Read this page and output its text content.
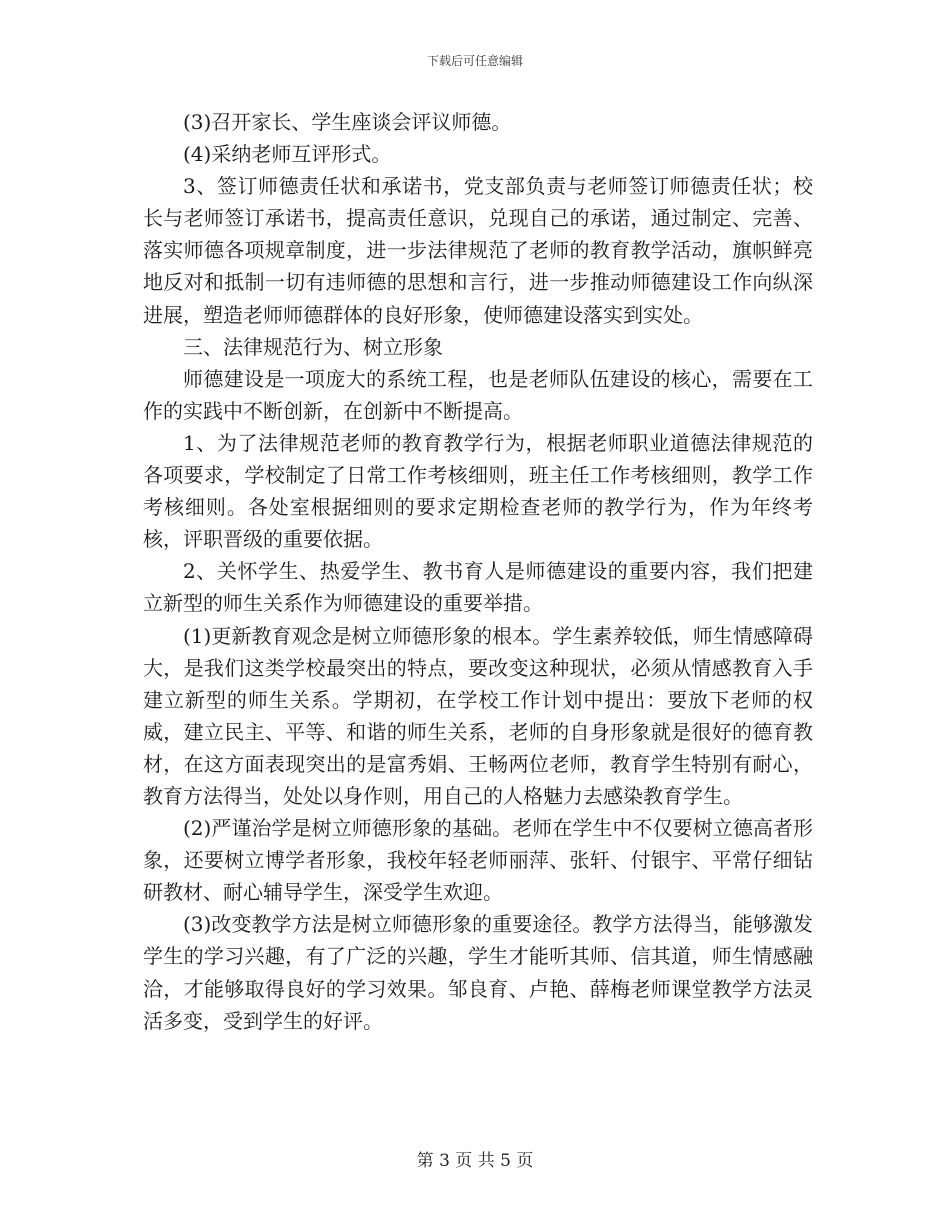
下载后可任意编辑

(3)召开家长、学生座谈会评议师德。

(4)采纳老师互评形式。

3、签订师德责任状和承诺书，党支部负责与老师签订师德责任状；校长与老师签订承诺书，提高责任意识，兑现自己的承诺，通过制定、完善、落实师德各项规章制度，进一步法律规范了老师的教育教学活动，旗帜鲜亮地反对和抵制一切有违师德的思想和言行，进一步推动师德建设工作向纵深进展，塑造老师师德群体的良好形象，使师德建设落实到实处。

三、法律规范行为、树立形象

师德建设是一项庞大的系统工程，也是老师队伍建设的核心，需要在工作的实践中不断创新，在创新中不断提高。

1、为了法律规范老师的教育教学行为，根据老师职业道德法律规范的各项要求，学校制定了日常工作考核细则，班主任工作考核细则，教学工作考核细则。各处室根据细则的要求定期检查老师的教学行为，作为年终考核，评职晋级的重要依据。

2、关怀学生、热爱学生、教书育人是师德建设的重要内容，我们把建立新型的师生关系作为师德建设的重要举措。

(1)更新教育观念是树立师德形象的根本。学生素养较低，师生情感障碍大，是我们这类学校最突出的特点，要改变这种现状，必须从情感教育入手建立新型的师生关系。学期初，在学校工作计划中提出：要放下老师的权威，建立民主、平等、和谐的师生关系，老师的自身形象就是很好的德育教材，在这方面表现突出的是富秀娟、王畅两位老师，教育学生特别有耐心，教育方法得当，处处以身作则，用自己的人格魅力去感染教育学生。

(2)严谨治学是树立师德形象的基础。老师在学生中不仅要树立德高者形象，还要树立博学者形象，我校年轻老师丽萍、张轩、付银宇、平常仔细钻研教材、耐心辅导学生，深受学生欢迎。

(3)改变教学方法是树立师德形象的重要途径。教学方法得当，能够激发学生的学习兴趣，有了广泛的兴趣，学生才能听其师、信其道，师生情感融洽，才能够取得良好的学习效果。邹良育、卢艳、薛梅老师课堂教学方法灵活多变，受到学生的好评。

第 3 页 共 5 页
